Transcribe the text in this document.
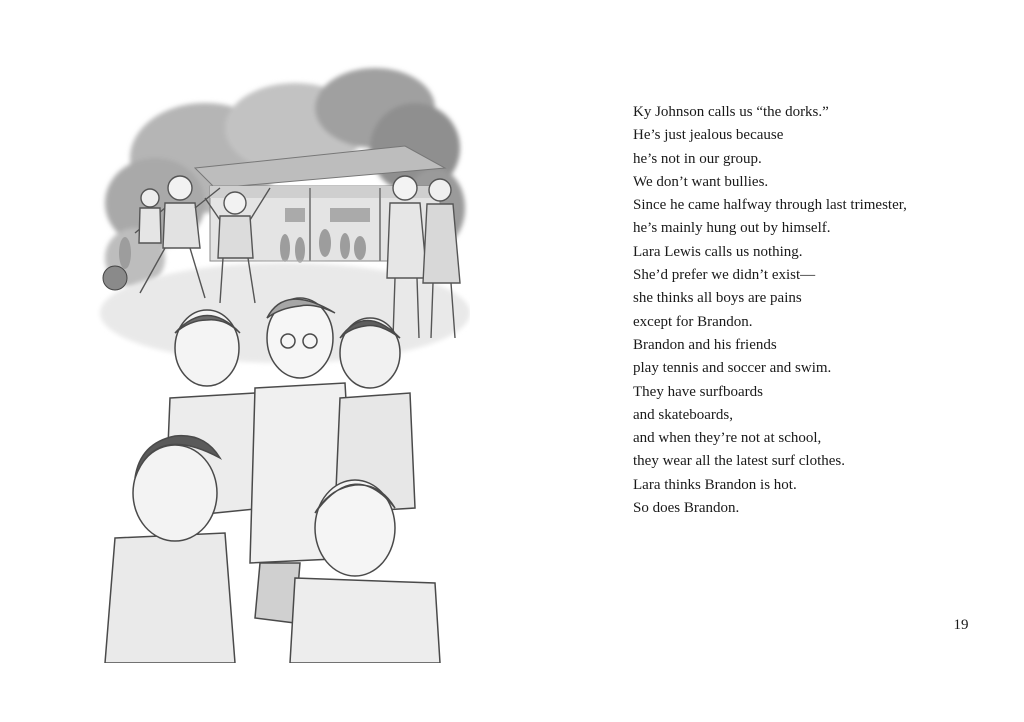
Ky Johnson calls us “the dorks.”
He’s just jealous because
he’s not in our group.
We don’t want bullies.
Since he came halfway through last trimester,
he’s mainly hung out by himself.
Lara Lewis calls us nothing.
She’d prefer we didn’t exist—
she thinks all boys are pains
except for Brandon.
Brandon and his friends
play tennis and soccer and swim.
They have surfboards
and skateboards,
and when they’re not at school,
they wear all the latest surf clothes.
Lara thinks Brandon is hot.
So does Brandon.
19
